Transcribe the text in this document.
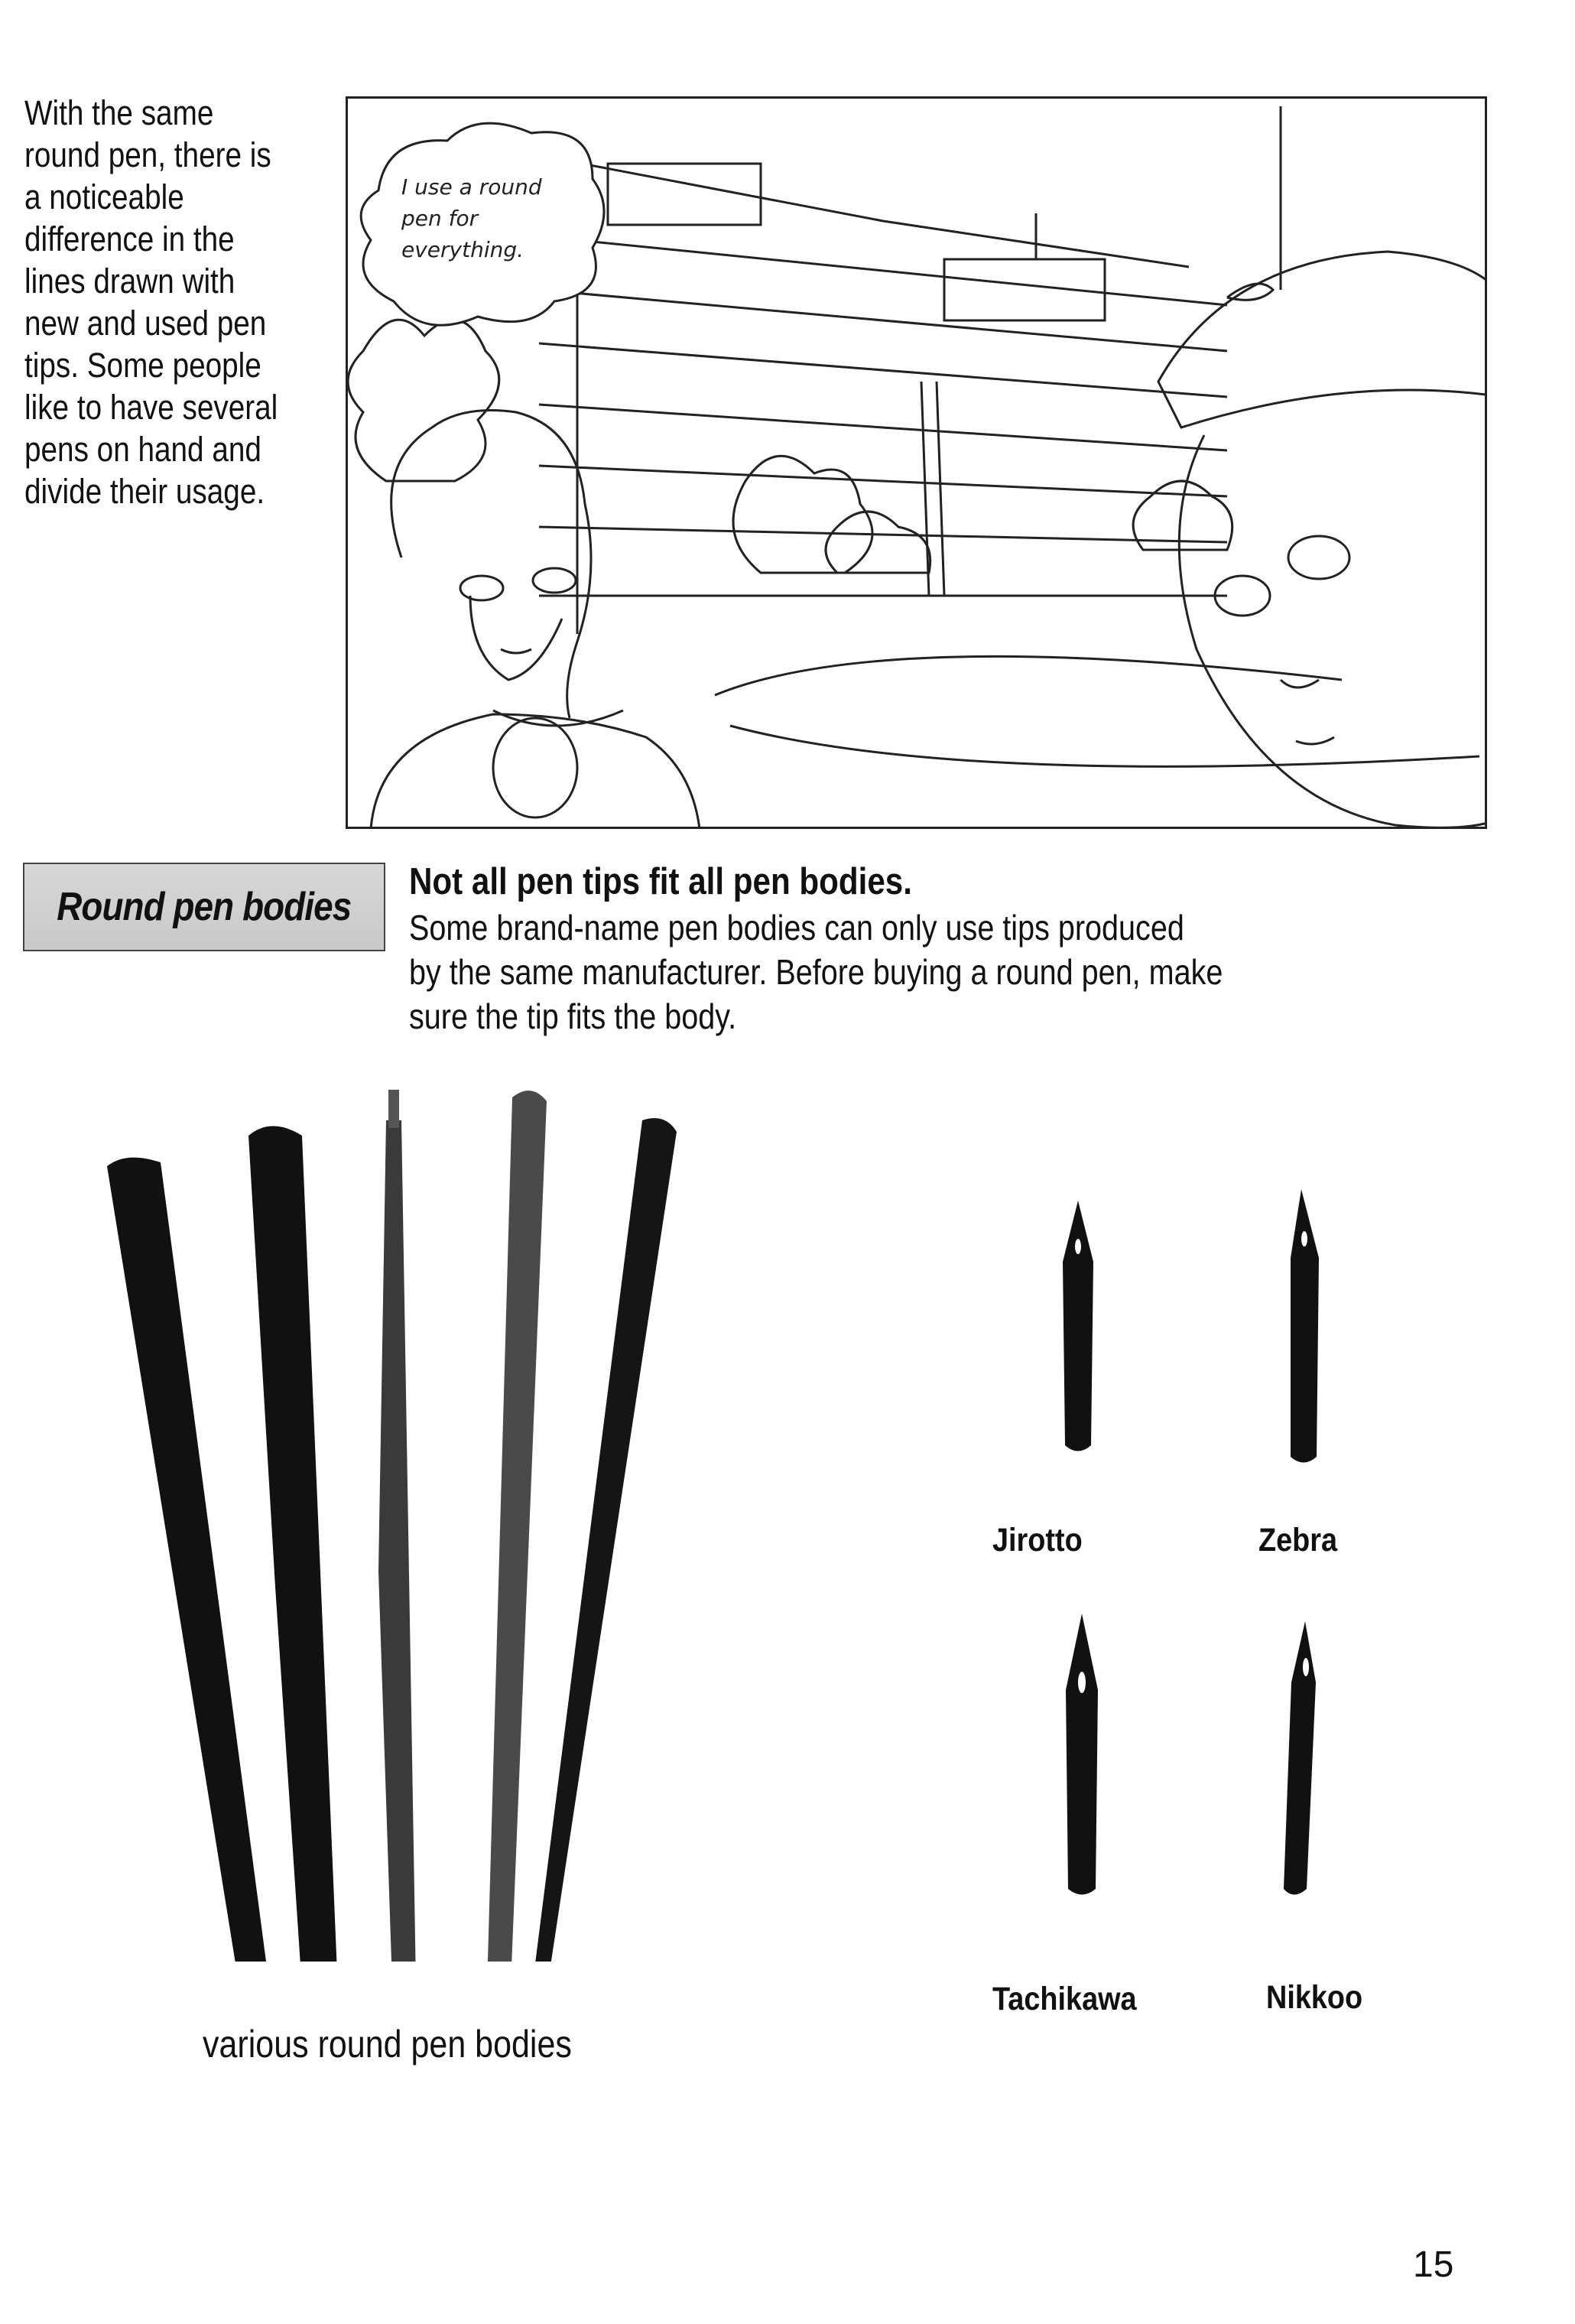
With the same round pen, there is a noticeable difference in the lines drawn with new and used pen tips. Some people like to have several pens on hand and divide their usage.
I use a round pen for everything.
Round pen bodies
Not all pen tips fit all pen bodies.
Some brand-name pen bodies can only use tips produced by the same manufacturer. Before buying a round pen, make sure the tip fits the body.
various round pen bodies
Jirotto	Zebra
Tachikawa	Nikkoo
15
